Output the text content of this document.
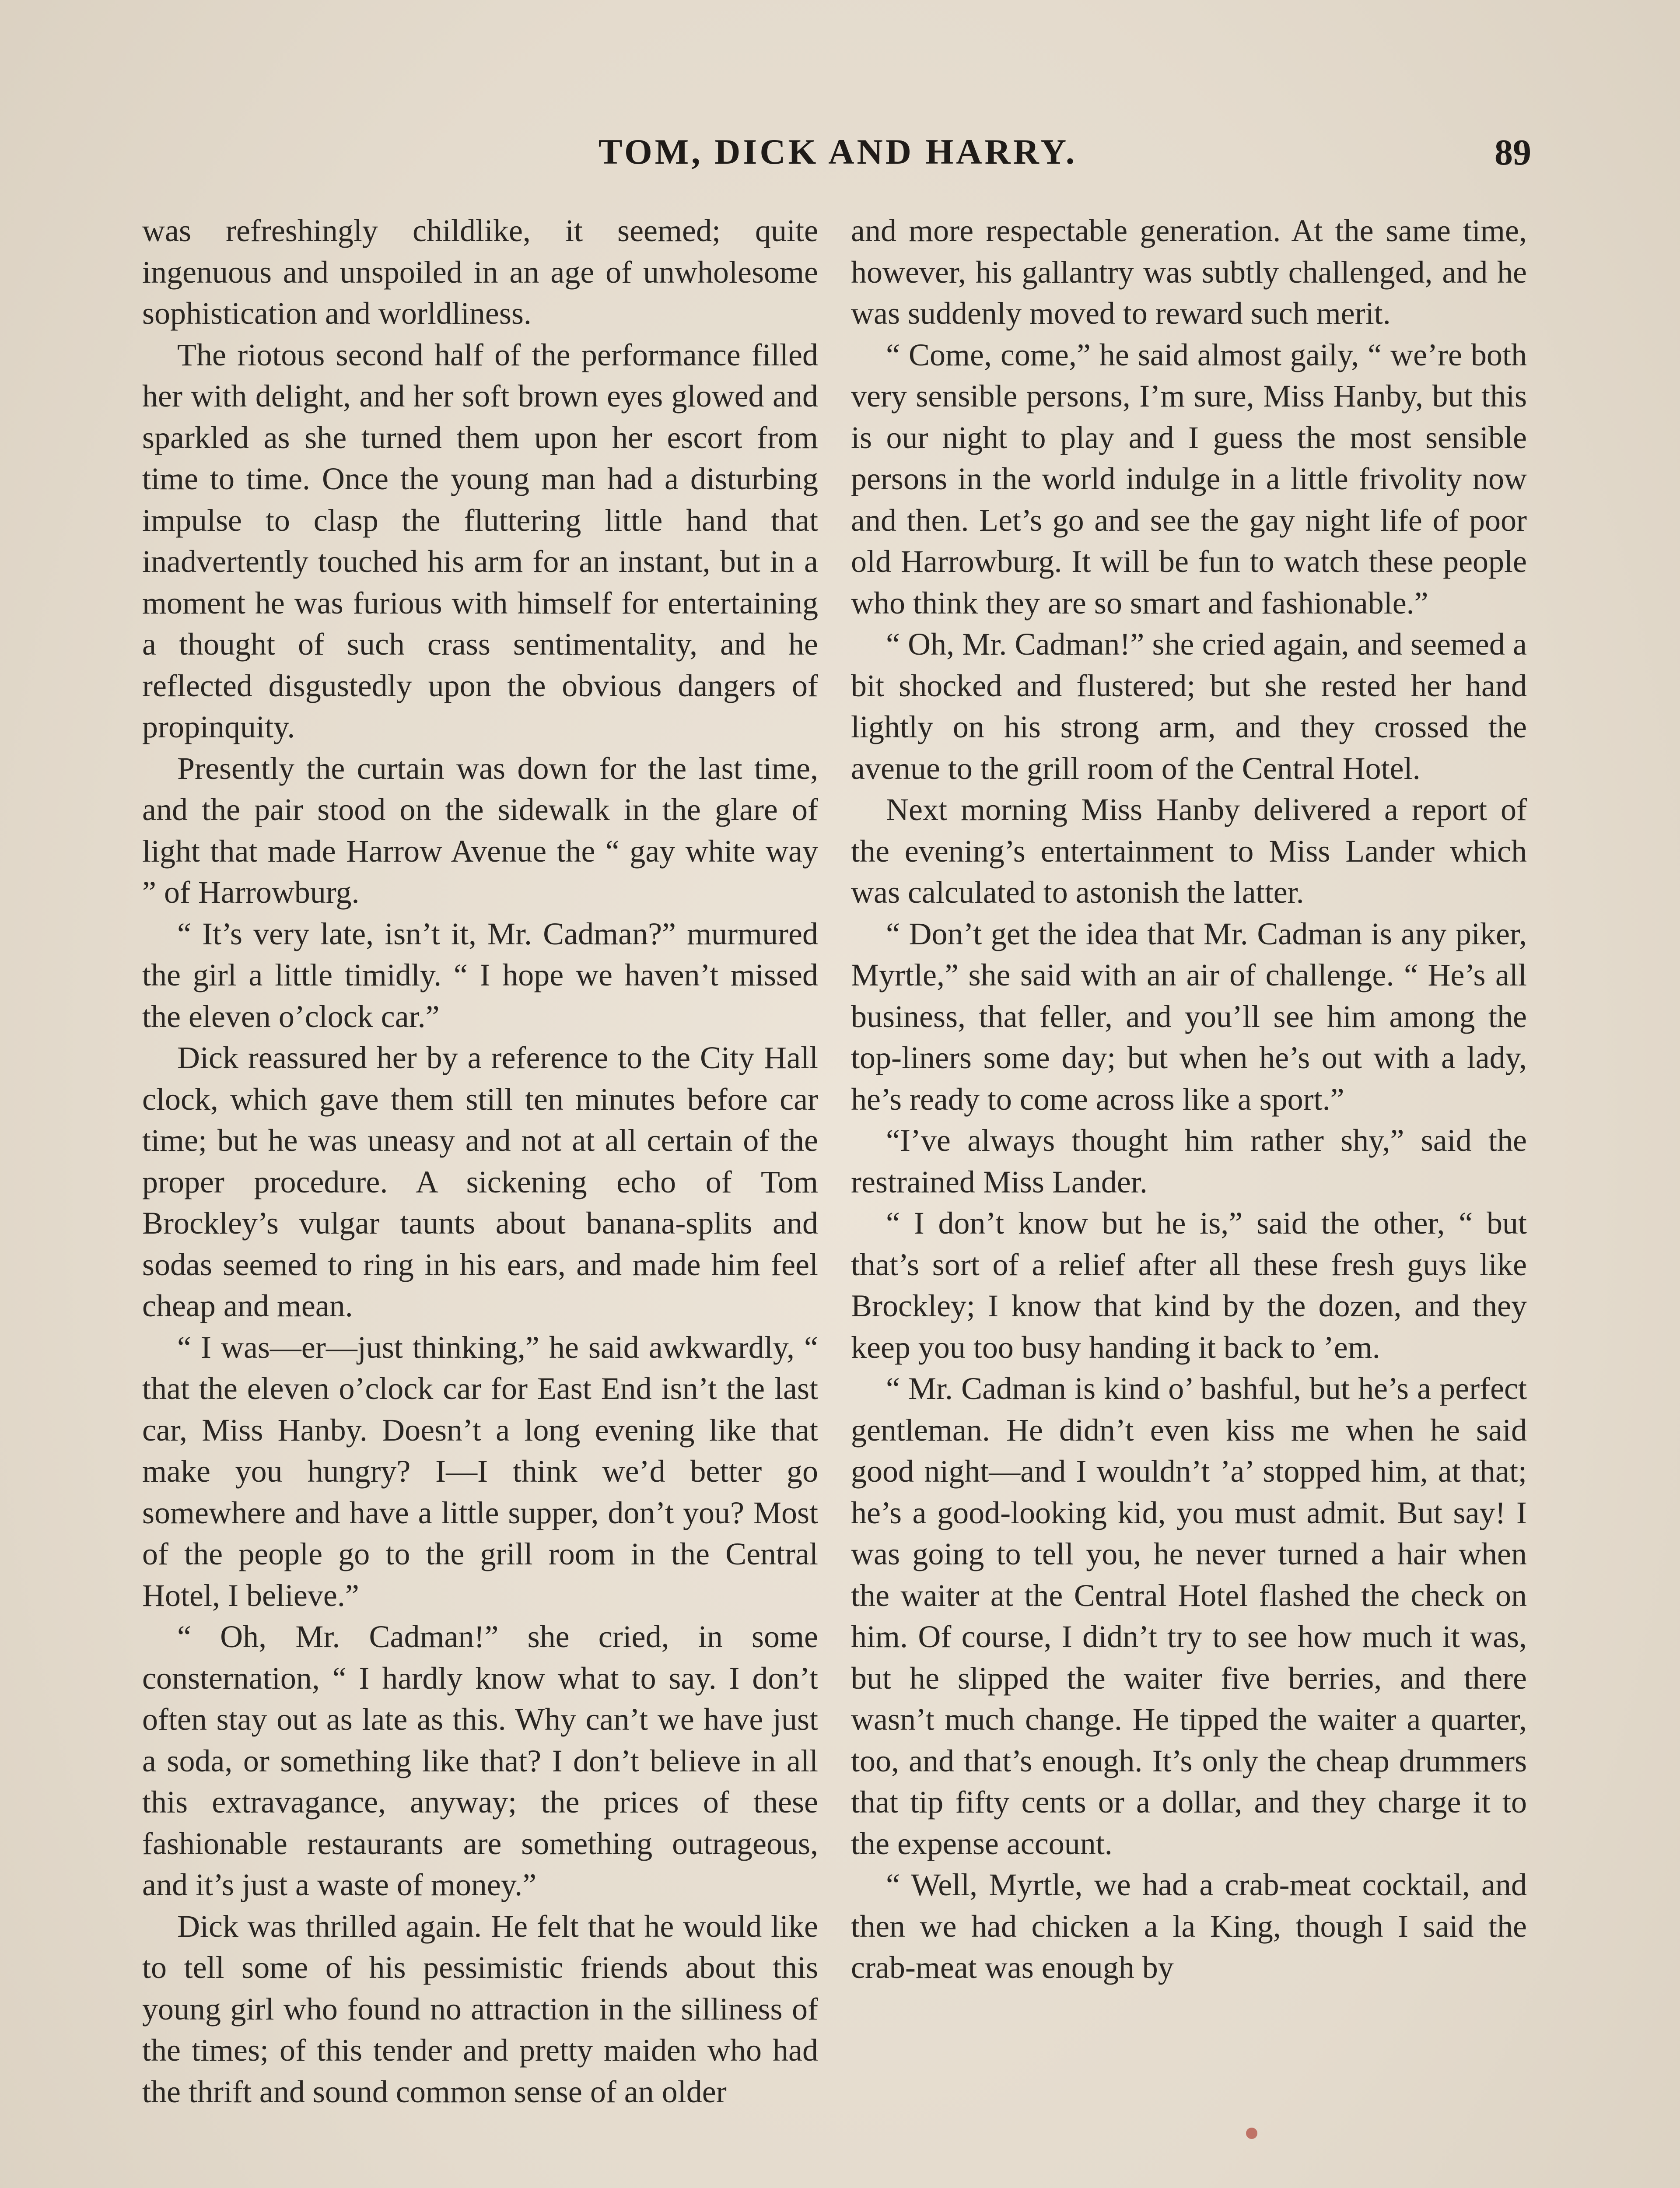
TOM, DICK AND HARRY.	89

was refreshingly childlike, it seemed; quite ingenuous and unspoiled in an age of unwholesome sophistication and worldliness.

The riotous second half of the performance filled her with delight, and her soft brown eyes glowed and sparkled as she turned them upon her escort from time to time. Once the young man had a disturbing impulse to clasp the fluttering little hand that inadvertently touched his arm for an instant, but in a moment he was furious with himself for entertaining a thought of such crass sentimentality, and he reflected disgustedly upon the obvious dangers of propinquity.

Presently the curtain was down for the last time, and the pair stood on the sidewalk in the glare of light that made Harrow Avenue the “ gay white way ” of Harrowburg.

“ It’s very late, isn’t it, Mr. Cadman?” murmured the girl a little timidly. “ I hope we haven’t missed the eleven o’clock car.”

Dick reassured her by a reference to the City Hall clock, which gave them still ten minutes before car time; but he was uneasy and not at all certain of the proper procedure. A sickening echo of Tom Brockley’s vulgar taunts about banana-splits and sodas seemed to ring in his ears, and made him feel cheap and mean.

“ I was—er—just thinking,” he said awkwardly, “ that the eleven o’clock car for East End isn’t the last car, Miss Hanby. Doesn’t a long evening like that make you hungry? I—I think we’d better go somewhere and have a little supper, don’t you? Most of the people go to the grill room in the Central Hotel, I believe.”

“ Oh, Mr. Cadman!” she cried, in some consternation, “ I hardly know what to say. I don’t often stay out as late as this. Why can’t we have just a soda, or something like that? I don’t believe in all this extravagance, anyway; the prices of these fashionable restaurants are something outrageous, and it’s just a waste of money.”

Dick was thrilled again. He felt that he would like to tell some of his pessimistic friends about this young girl who found no attraction in the silliness of the times; of this tender and pretty maiden who had the thrift and sound common sense of an older

and more respectable generation. At the same time, however, his gallantry was subtly challenged, and he was suddenly moved to reward such merit.

“ Come, come,” he said almost gaily, “ we’re both very sensible persons, I’m sure, Miss Hanby, but this is our night to play and I guess the most sensible persons in the world indulge in a little frivolity now and then. Let’s go and see the gay night life of poor old Harrowburg. It will be fun to watch these people who think they are so smart and fashionable.”

“ Oh, Mr. Cadman!” she cried again, and seemed a bit shocked and flustered; but she rested her hand lightly on his strong arm, and they crossed the avenue to the grill room of the Central Hotel.

Next morning Miss Hanby delivered a report of the evening’s entertainment to Miss Lander which was calculated to astonish the latter.

“ Don’t get the idea that Mr. Cadman is any piker, Myrtle,” she said with an air of challenge. “ He’s all business, that feller, and you’ll see him among the top-liners some day; but when he’s out with a lady, he’s ready to come across like a sport.”

“I’ve always thought him rather shy,” said the restrained Miss Lander.

“ I don’t know but he is,” said the other, “ but that’s sort of a relief after all these fresh guys like Brockley; I know that kind by the dozen, and they keep you too busy handing it back to ’em.

“ Mr. Cadman is kind o’ bashful, but he’s a perfect gentleman. He didn’t even kiss me when he said good night—and I wouldn’t ’a’ stopped him, at that; he’s a good-looking kid, you must admit. But say! I was going to tell you, he never turned a hair when the waiter at the Central Hotel flashed the check on him. Of course, I didn’t try to see how much it was, but he slipped the waiter five berries, and there wasn’t much change. He tipped the waiter a quarter, too, and that’s enough. It’s only the cheap drummers that tip fifty cents or a dollar, and they charge it to the expense account.

“ Well, Myrtle, we had a crab-meat cocktail, and then we had chicken a la King, though I said the crab-meat was enough by
